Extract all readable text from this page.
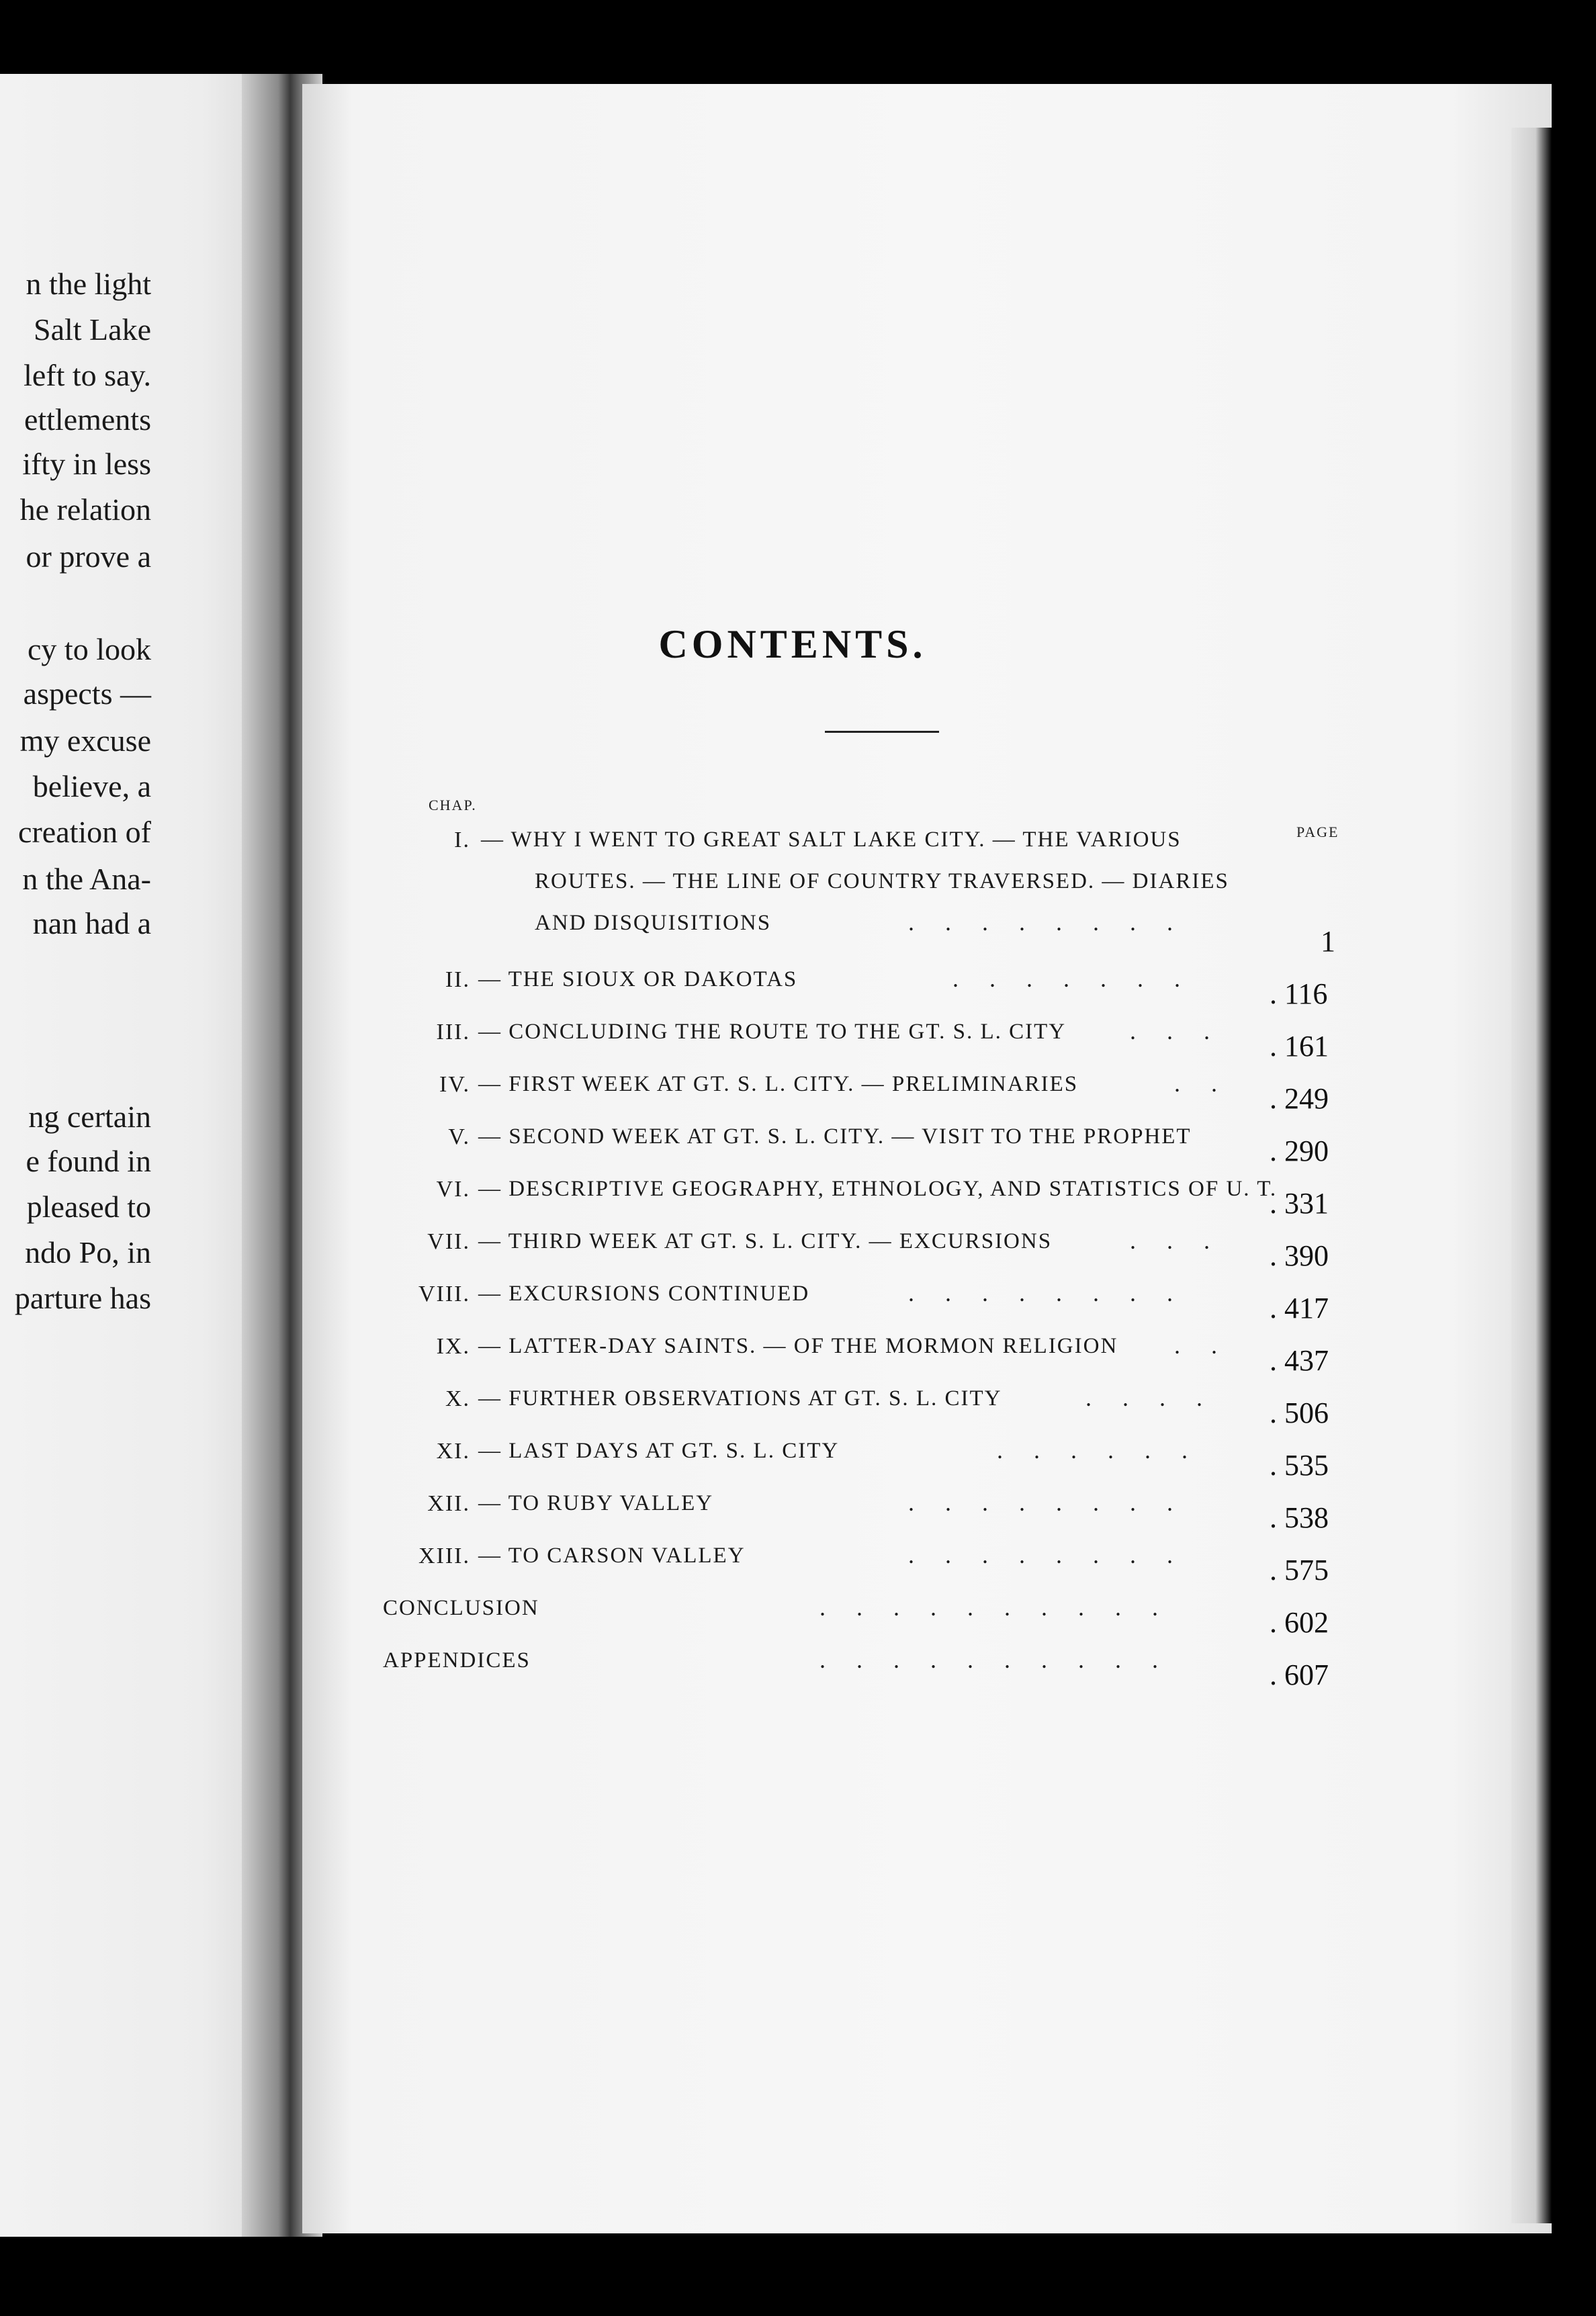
n the light
Salt Lake
left to say.
ettlements
ifty in less
he relation
or prove a
cy to look
aspects —
my excuse
believe, a
creation of
n the Ana-
nan had a
ng certain
e found in
pleased to
ndo Po, in
parture has
CONTENTS.
CHAP.
PAGE
I. — WHY I WENT TO GREAT SALT LAKE CITY. — THE VARIOUS
ROUTES. — THE LINE OF COUNTRY TRAVERSED. — DIARIES
AND DISQUISITIONS	........
1
II. — THE SIOUX OR DAKOTAS	.......	. 116
III. — CONCLUDING THE ROUTE TO THE GT. S. L. CITY	...	. 161
IV. — FIRST WEEK AT GT. S. L. CITY. — PRELIMINARIES	..	. 249
V. — SECOND WEEK AT GT. S. L. CITY. — VISIT TO THE PROPHET	. 290
VI. — DESCRIPTIVE GEOGRAPHY, ETHNOLOGY, AND STATISTICS OF U. T. . 331
VII. — THIRD WEEK AT GT. S. L. CITY. — EXCURSIONS	...	. 390
VIII. — EXCURSIONS CONTINUED	........	. 417
IX. — LATTER-DAY SAINTS. — OF THE MORMON RELIGION ..	. 437
X. — FURTHER OBSERVATIONS AT GT. S. L. CITY	....	. 506
XI. — LAST DAYS AT GT. S. L. CITY	......	. 535
XII. — TO RUBY VALLEY	........	. 538
XIII. — TO CARSON VALLEY	........	. 575
CONCLUSION	..........	. 602
APPENDICES	..........	. 607
